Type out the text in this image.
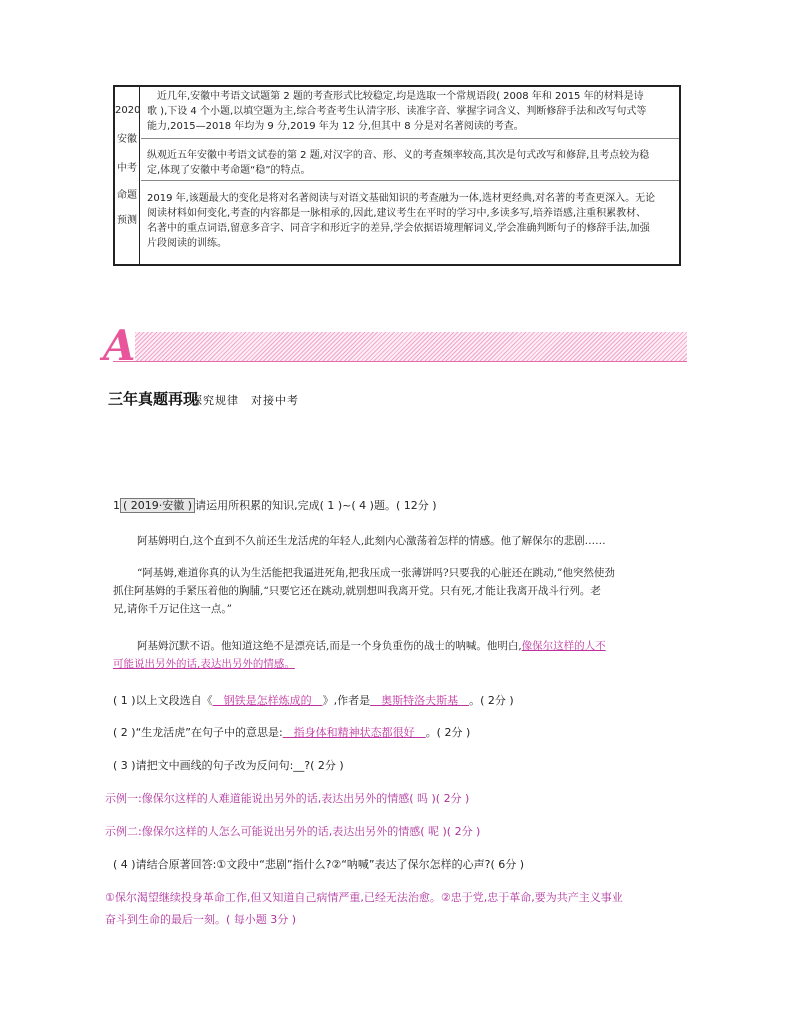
2020
安徽
中考
命题
预测

　近几年,安徽中考语文试题第 2 题的考查形式比较稳定,均是选取一个常规语段( 2008 年和 2015 年的材料是诗

歌 ),下设 4 个小题,以填空题为主,综合考查考生认清字形、读准字音、掌握字词含义、判断修辞手法和改写句式等

能力,2015—2018 年均为 9 分,2019 年为 12 分,但其中 8 分是对名著阅读的考查。

纵观近五年安徽中考语文试卷的第 2 题,对汉字的音、形、义的考查频率较高,其次是句式改写和修辞,且考点较为稳

定,体现了安徽中考命题“稳”的特点。

2019 年,该题最大的变化是将对名著阅读与对语文基础知识的考查融为一体,选材更经典,对名著的考查更深入。无论

阅读材料如何变化,考查的内容都是一脉相承的,因此,建议考生在平时的学习中,多读多写,培养语感,注重积累教材、

名著中的重点词语,留意多音字、同音字和形近字的差异,学会依据语境理解词义,学会准确判断句子的修辞手法,加强

片段阅读的训练。

A
三年真题再现
探究规律　对接中考
1 ( 2019·安徽 ) 请运用所积累的知识,完成( 1 )~( 4 )题。( 12分 )
阿基姆明白,这个直到不久前还生龙活虎的年轻人,此刻内心激荡着怎样的情感。他了解保尔的悲剧……
“阿基姆,难道你真的认为生活能把我逼进死角,把我压成一张薄饼吗?只要我的心脏还在跳动,”他突然使劲
抓住阿基姆的手紧压着他的胸脯,“只要它还在跳动,就别想叫我离开党。只有死,才能让我离开战斗行列。老
兄,请你千万记住这一点。”
阿基姆沉默不语。他知道这绝不是漂亮话,而是一个身负重伤的战士的呐喊。他明白,像保尔这样的人不
可能说出另外的话,表达出另外的情感。
( 1 )以上文段选自《　钢铁是怎样炼成的　》,作者是　奥斯特洛夫斯基　。( 2分 )
( 2 )“生龙活虎”在句子中的意思是:　指身体和精神状态都很好　。( 2分 )
( 3 )请把文中画线的句子改为反问句:__?( 2分 )
示例一:像保尔这样的人难道能说出另外的话,表达出另外的情感( 吗 )( 2分 )
示例二:像保尔这样的人怎么可能说出另外的话,表达出另外的情感( 呢 )( 2分 )
( 4 )请结合原著回答:①文段中“悲剧”指什么?②“呐喊”表达了保尔怎样的心声?( 6分 )
①保尔渴望继续投身革命工作,但又知道自己病情严重,已经无法治愈。②忠于党,忠于革命,要为共产主义事业
奋斗到生命的最后一刻。( 每小题 3分 )
